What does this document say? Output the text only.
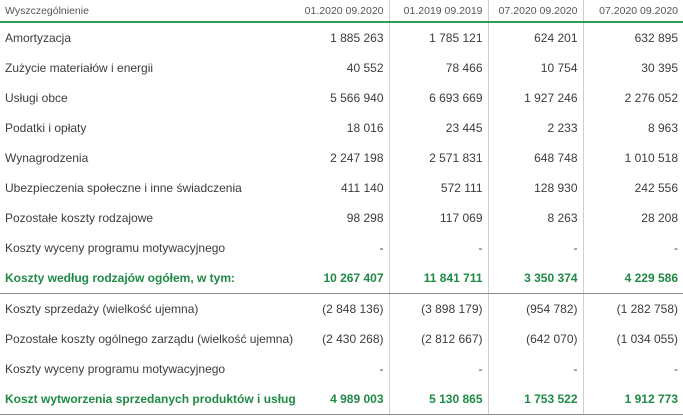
Wyszczególnienie	01.2020 09.2020	01.2019 09.2019	07.2020 09.2020	07.2020 09.2020
Amortyzacja	1 885 263	1 785 121	624 201	632 895
Zużycie materiałów i energii	40 552	78 466	10 754	30 395
Usługi obce	5 566 940	6 693 669	1 927 246	2 276 052
Podatki i opłaty	18 016	23 445	2 233	8 963
Wynagrodzenia	2 247 198	2 571 831	648 748	1 010 518
Ubezpieczenia społeczne i inne świadczenia	411 140	572 111	128 930	242 556
Pozostałe koszty rodzajowe	98 298	117 069	8 263	28 208
Koszty wyceny programu motywacyjnego	-	-	-	-
Koszty według rodzajów ogółem, w tym:	10 267 407	11 841 711	3 350 374	4 229 586
Koszty sprzedaży (wielkość ujemna)	(2 848 136)	(3 898 179)	(954 782)	(1 282 758)
Pozostałe koszty ogólnego zarządu (wielkość ujemna)	(2 430 268)	(2 812 667)	(642 070)	(1 034 055)
Koszty wyceny programu motywacyjnego	-	-	-	-
Koszt wytworzenia sprzedanych produktów i usług	4 989 003	5 130 865	1 753 522	1 912 773
